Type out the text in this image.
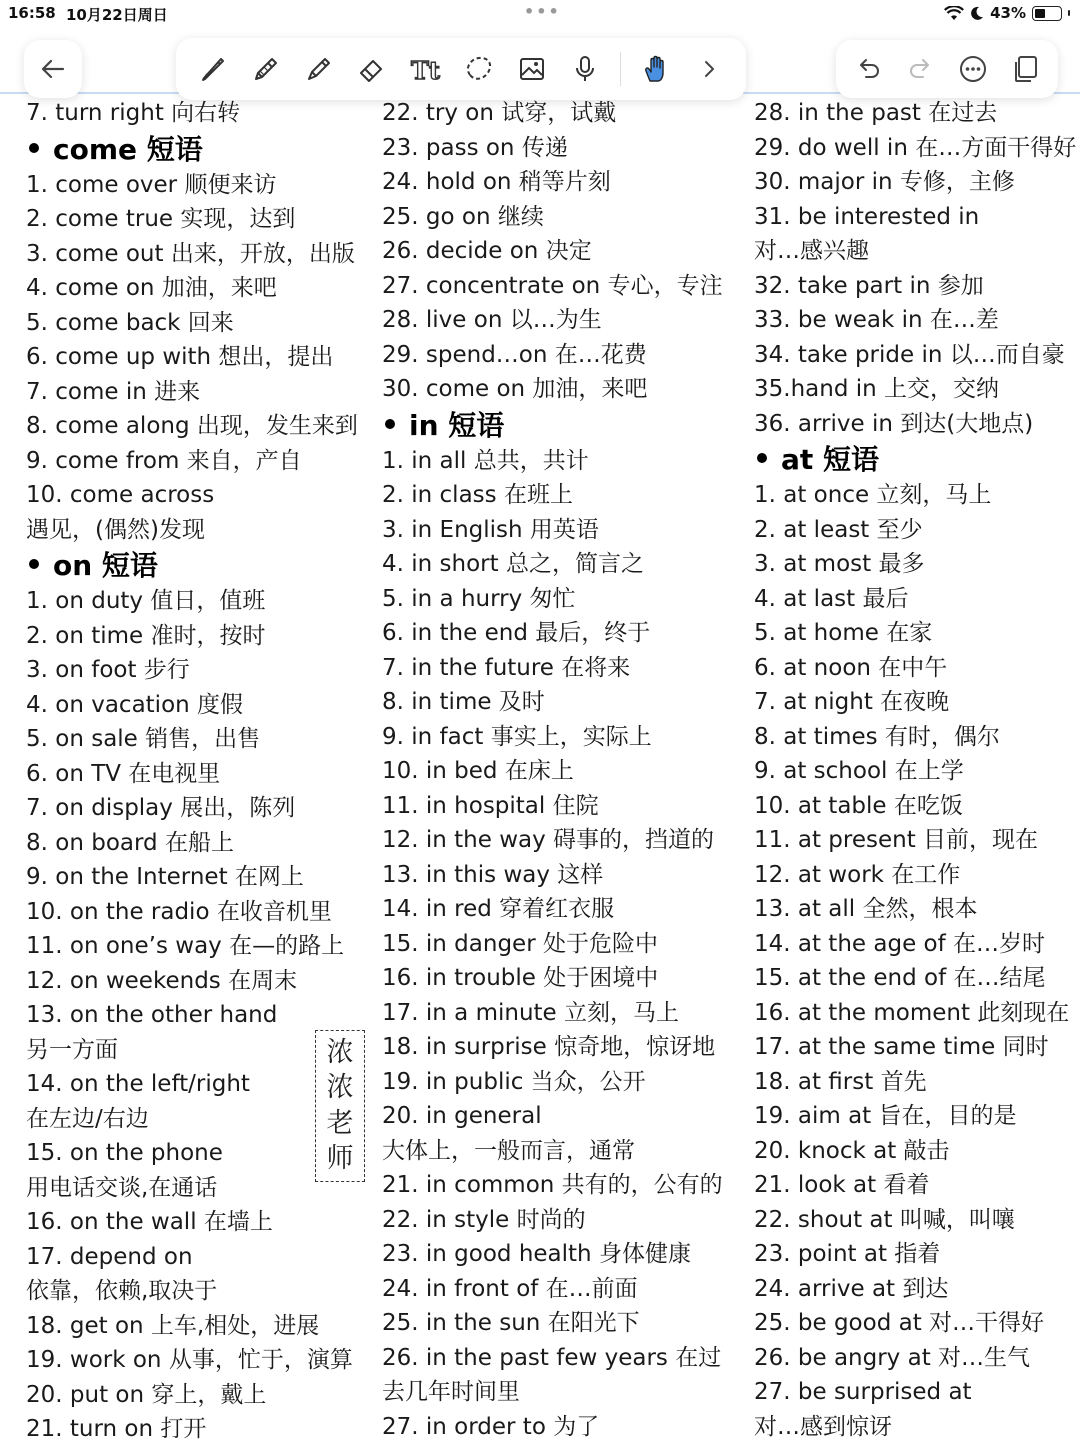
16:58 10月22日周日	•••	43%
Tt
7. turn right 向右转
come 短语
1. come over 顺便来访
2. come true 实现，达到
3. come out 出来，开放，出版
4. come on 加油，来吧
5. come back 回来
6. come up with 想出，提出
7. come in 进来
8. come along 出现，发生来到
9. come from 来自，产自
10. come across
遇见，(偶然)发现
on 短语
1. on duty 值日，值班
2. on time 准时，按时
3. on foot 步行
4. on vacation 度假
5. on sale 销售，出售
6. on TV 在电视里
7. on display 展出，陈列
8. on board 在船上
9. on the Internet 在网上
10. on the radio 在收音机里
11. on one’s way 在—的路上
12. on weekends 在周末
13. on the other hand
另一方面
14. on the left/right
在左边/右边
15. on the phone
用电话交谈,在通话
16. on the wall 在墙上
17. depend on
依靠，依赖,取决于
18. get on 上车,相处，进展
19. work on 从事，忙于，演算
20. put on 穿上，戴上
21. turn on 打开
22. try on 试穿，试戴
23. pass on 传递
24. hold on 稍等片刻
25. go on 继续
26. decide on 决定
27. concentrate on 专心，专注
28. live on 以…为生
29. spend…on 在…花费
30. come on 加油，来吧
in 短语
1. in all 总共，共计
2. in class 在班上
3. in English 用英语
4. in short 总之，简言之
5. in a hurry 匆忙
6. in the end 最后，终于
7. in the future 在将来
8. in time 及时
9. in fact 事实上，实际上
10. in bed 在床上
11. in hospital 住院
12. in the way 碍事的，挡道的
13. in this way 这样
14. in red 穿着红衣服
15. in danger 处于危险中
16. in trouble 处于困境中
17. in a minute 立刻，马上
18. in surprise 惊奇地，惊讶地
19. in public 当众，公开
20. in general
大体上，一般而言，通常
21. in common 共有的，公有的
22. in style 时尚的
23. in good health 身体健康
24. in front of 在…前面
25. in the sun 在阳光下
26. in the past few years 在过
去几年时间里
27. in order to 为了
28. in the past 在过去
29. do well in 在…方面干得好
30. major in 专修，主修
31. be interested in
对…感兴趣
32. take part in 参加
33. be weak in 在…差
34. take pride in 以…而自豪
35.hand in 上交，交纳
36. arrive in 到达(大地点)
at 短语
1. at once 立刻，马上
2. at least 至少
3. at most 最多
4. at last 最后
5. at home 在家
6. at noon 在中午
7. at night 在夜晚
8. at times 有时，偶尔
9. at school 在上学
10. at table 在吃饭
11. at present 目前，现在
12. at work 在工作
13. at all 全然，根本
14. at the age of 在…岁时
15. at the end of 在…结尾
16. at the moment 此刻现在
17. at the same time 同时
18. at first 首先
19. aim at 旨在，目的是
20. knock at 敲击
21. look at 看着
22. shout at 叫喊，叫嚷
23. point at 指着
24. arrive at 到达
25. be good at 对…干得好
26. be angry at 对…生气
27. be surprised at
对…感到惊讶
浓
浓
老
师
